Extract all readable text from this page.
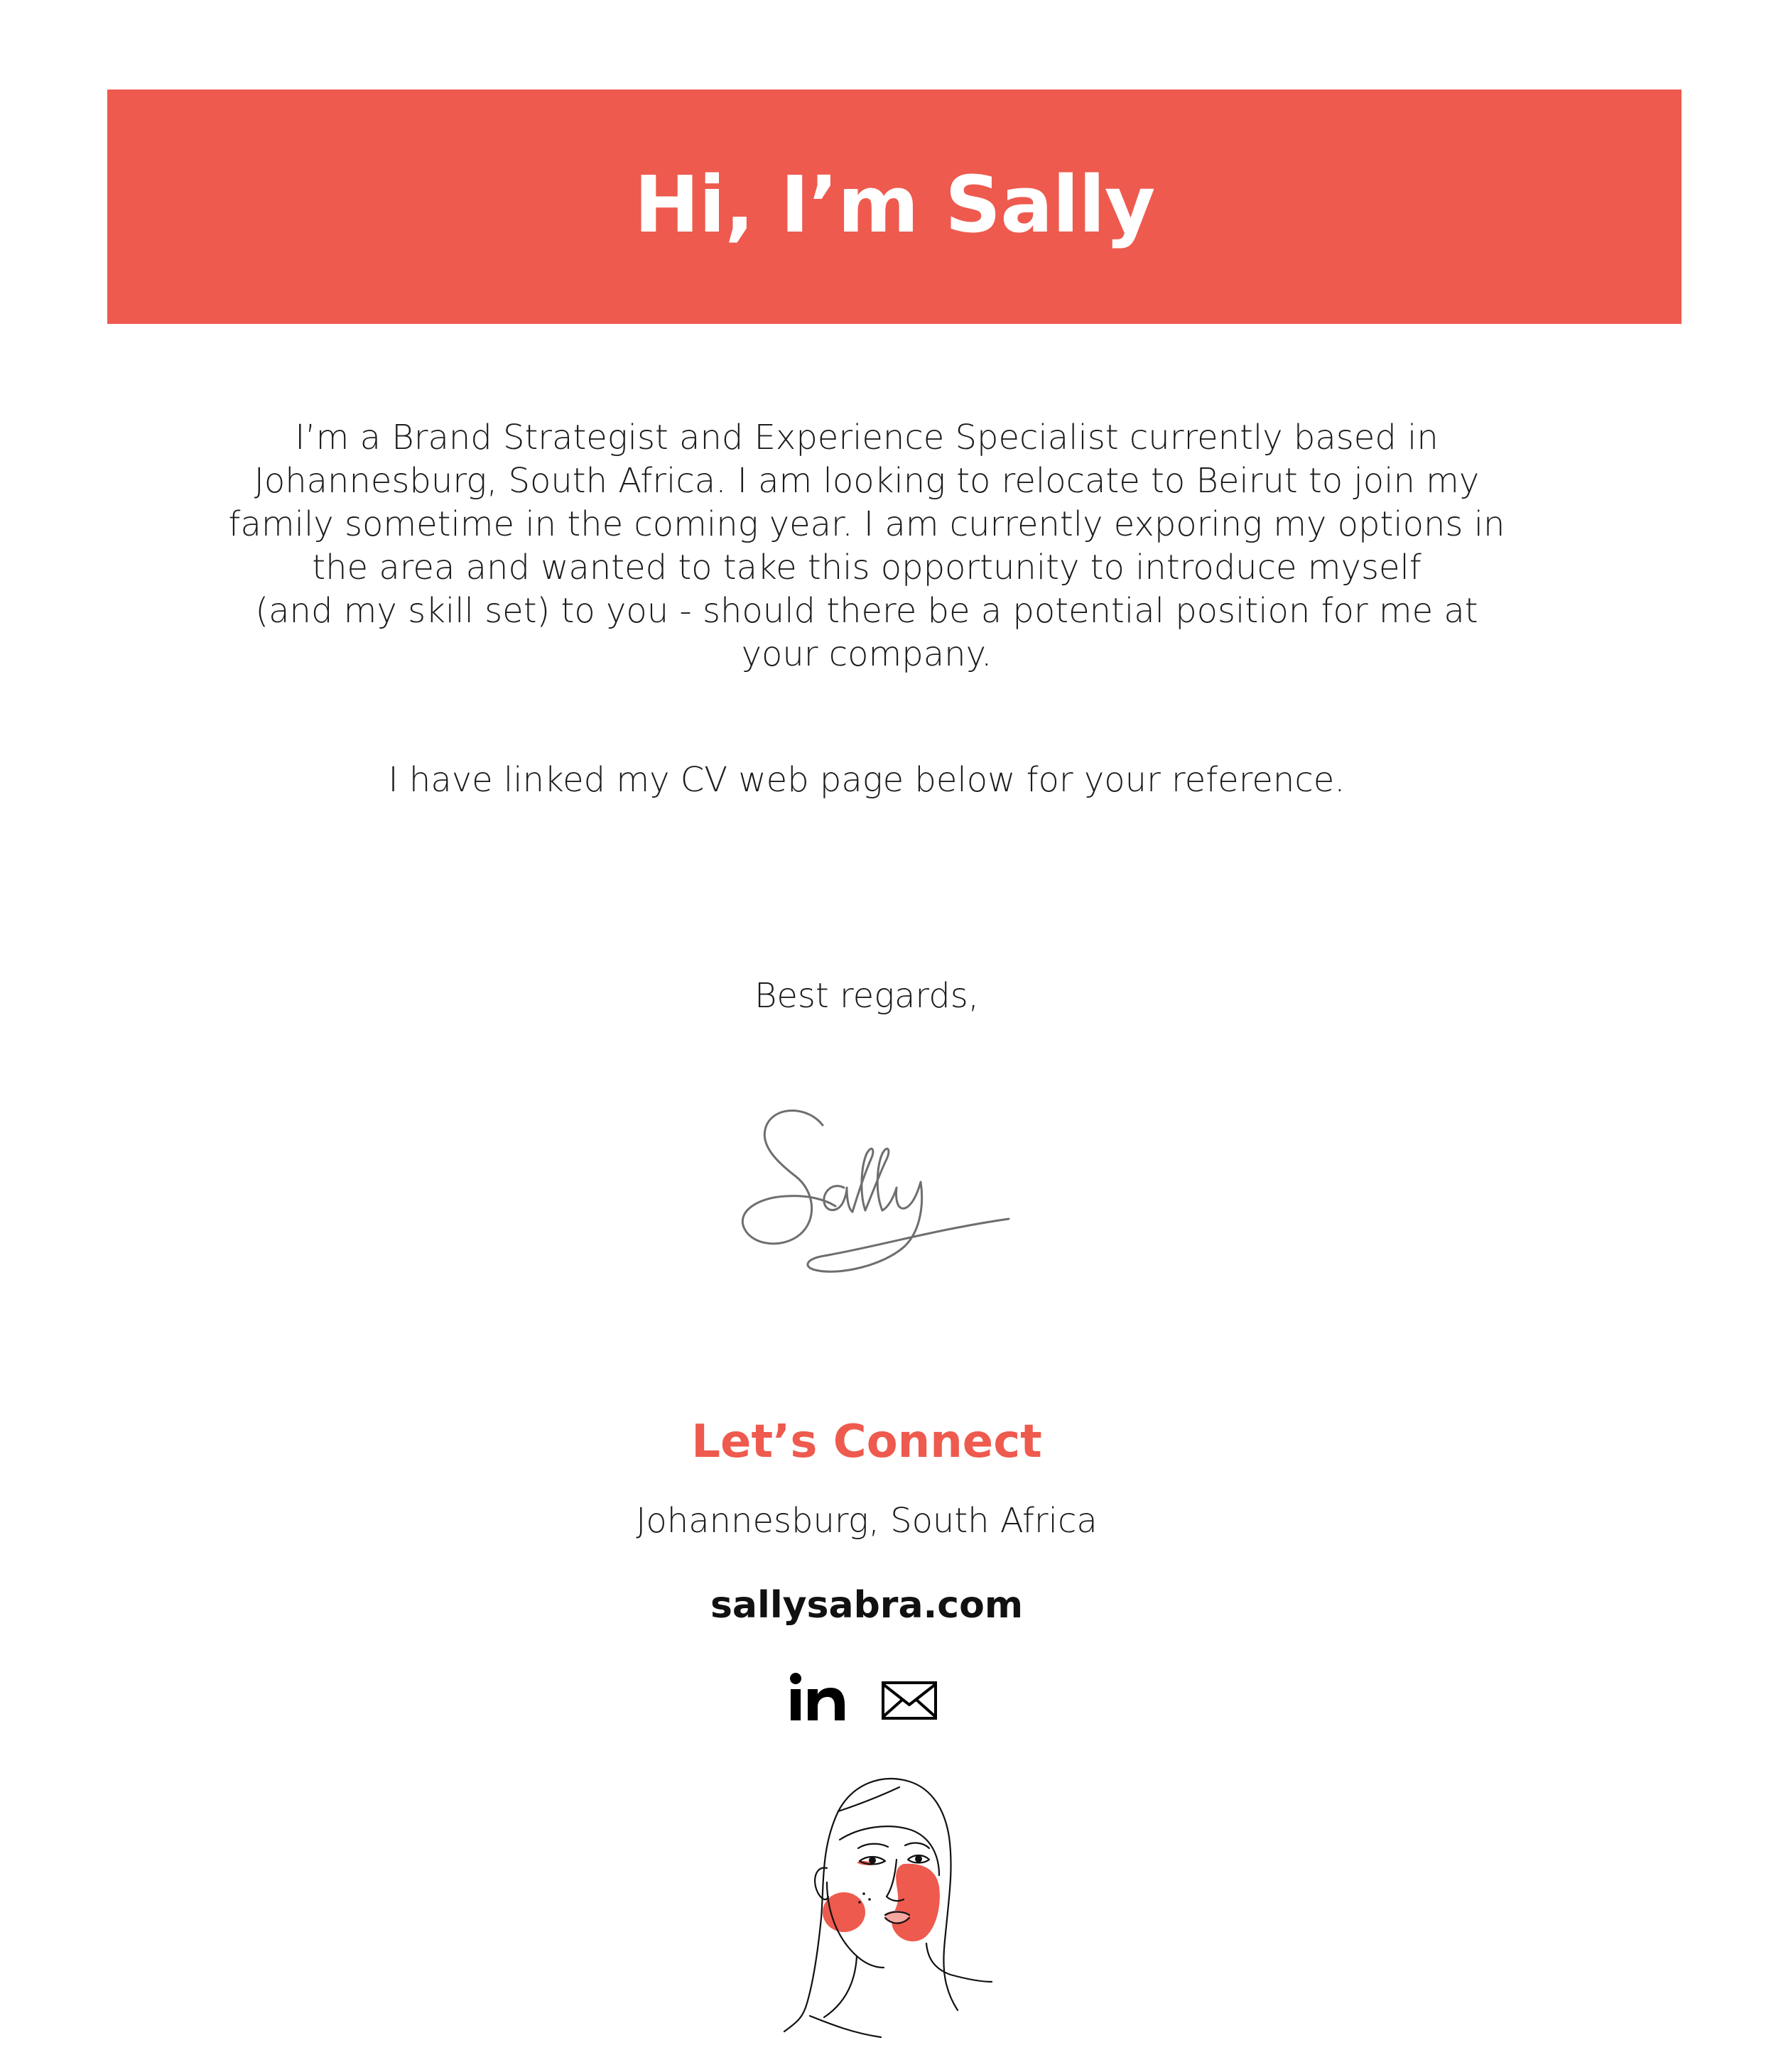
Hi, I’m Sally

I’m a Brand Strategist and Experience Specialist currently based in
Johannesburg, South Africa. I am looking to relocate to Beirut to join my
family sometime in the coming year. I am currently exporing my options in
the area and wanted to take this opportunity to introduce myself
(and my skill set) to you - should there be a potential position for me at
your company.

I have linked my CV web page below for your reference.

Best regards,

Let’s Connect
Johannesburg, South Africa
sallysabra.com
